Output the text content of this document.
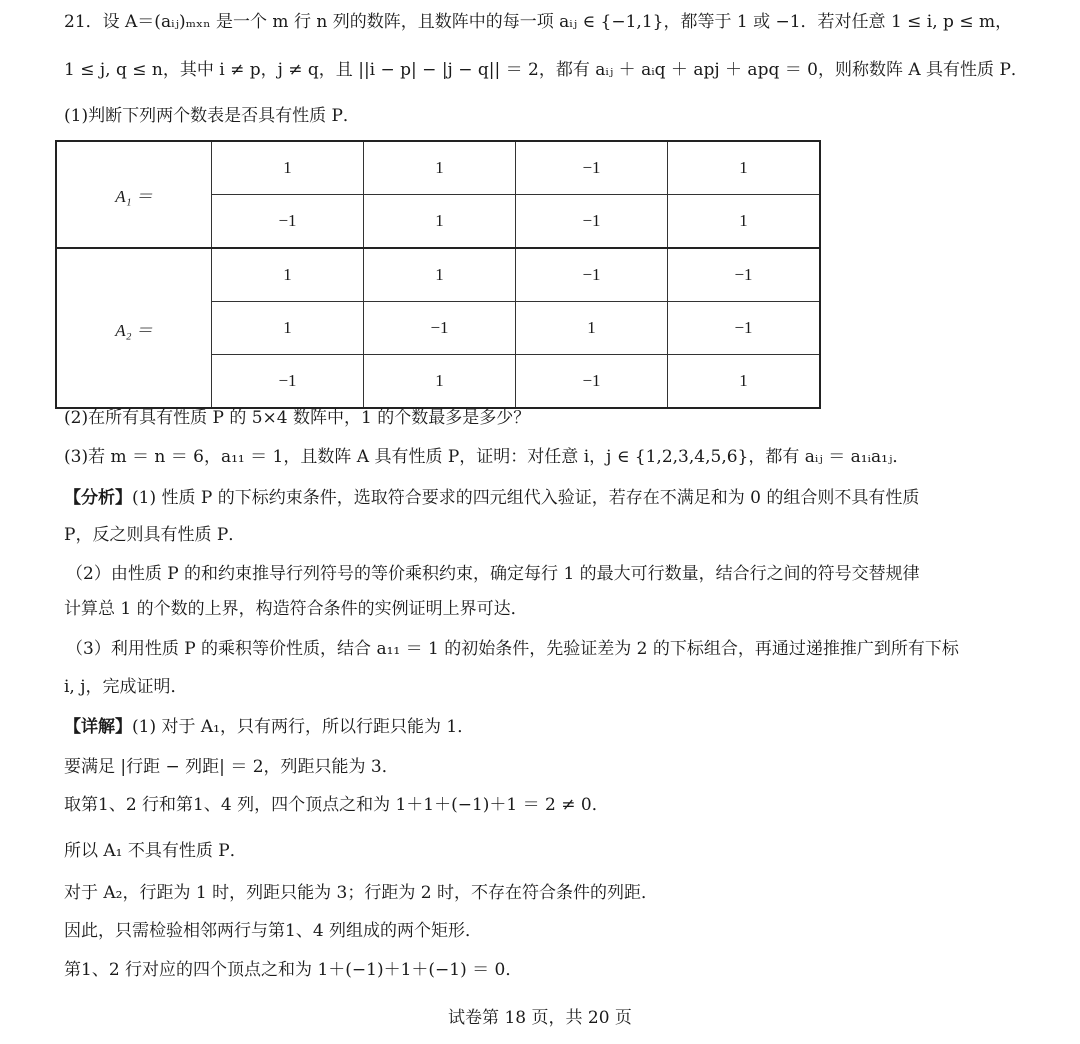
21．设 A＝(aᵢⱼ)ₘₓₙ 是一个 m 行 n 列的数阵，且数阵中的每一项 aᵢⱼ ∈ {−1,1}，都等于 1 或 −1．若对任意 1 ≤ i, p ≤ m，
1 ≤ j, q ≤ n，其中 i ≠ p，j ≠ q，且 ||i − p| − |j − q|| ＝ 2，都有 aᵢⱼ ＋ aᵢq ＋ apj ＋ apq ＝ 0，则称数阵 A 具有性质 P．
(1)判断下列两个数表是否具有性质 P．
A₁ ＝	1	1	−1	1
	−1	1	−1	1
A₂ ＝	1	1	−1	−1
	1	−1	1	−1
	−1	1	−1	1
(2)在所有具有性质 P 的 5×4 数阵中，1 的个数最多是多少？
(3)若 m ＝ n ＝ 6，a₁₁ ＝ 1，且数阵 A 具有性质 P，证明：对任意 i，j ∈ {1,2,3,4,5,6}，都有 aᵢⱼ ＝ a₁ᵢa₁ⱼ．
【分析】(1) 性质 P 的下标约束条件，选取符合要求的四元组代入验证，若存在不满足和为 0 的组合则不具有性质
P，反之则具有性质 P．
（2）由性质 P 的和约束推导行列符号的等价乘积约束，确定每行 1 的最大可行数量，结合行之间的符号交替规律
计算总 1 的个数的上界，构造符合条件的实例证明上界可达．
（3）利用性质 P 的乘积等价性质，结合 a₁₁ ＝ 1 的初始条件，先验证差为 2 的下标组合，再通过递推推广到所有下标
i, j，完成证明．
【详解】(1) 对于 A₁，只有两行，所以行距只能为 1．
要满足 |行距 − 列距| ＝ 2，列距只能为 3．
取第1、2 行和第1、4 列，四个顶点之和为 1＋1＋(−1)＋1 ＝ 2 ≠ 0．
所以 A₁ 不具有性质 P．
对于 A₂，行距为 1 时，列距只能为 3；行距为 2 时，不存在符合条件的列距．
因此，只需检验相邻两行与第1、4 列组成的两个矩形．
第1、2 行对应的四个顶点之和为 1＋(−1)＋1＋(−1) ＝ 0．
试卷第 18 页，共 20 页
